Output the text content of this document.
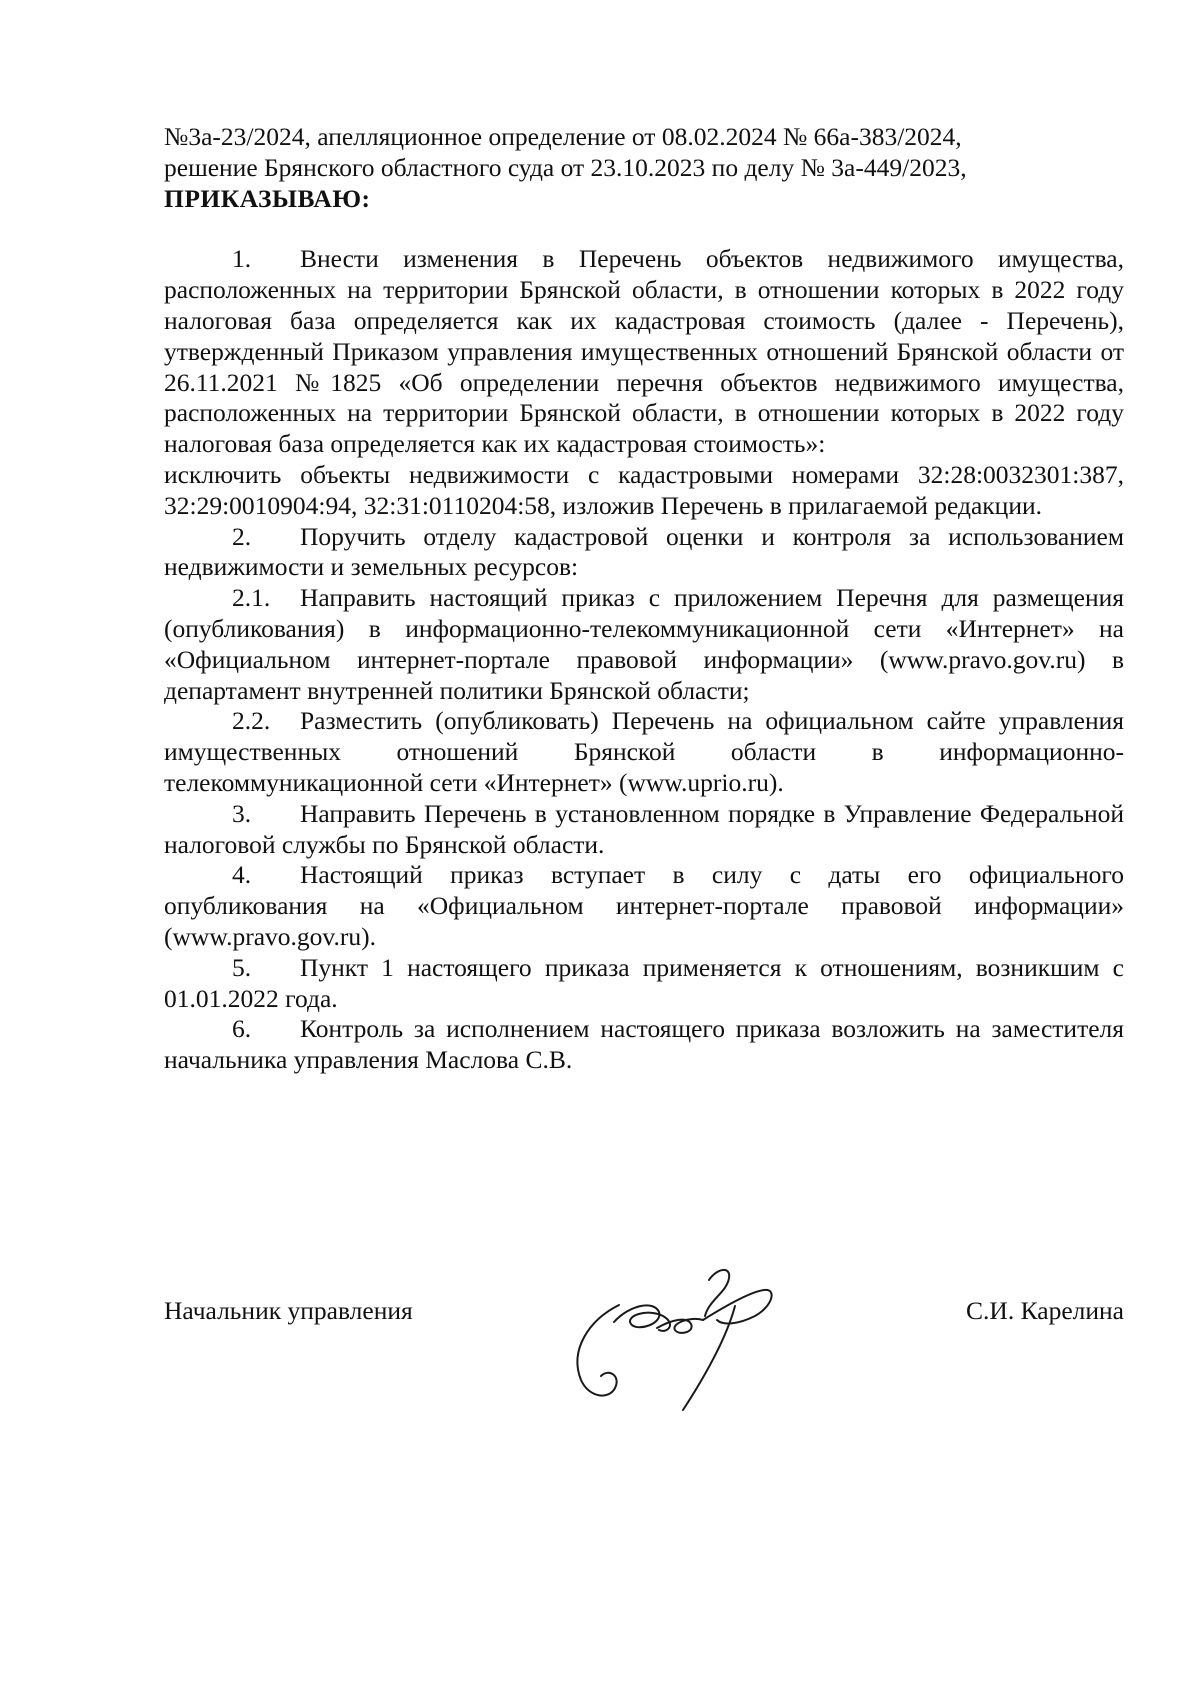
№3а-23/2024, апелляционное определение от 08.02.2024 № 66а-383/2024,

решение Брянского областного суда от 23.10.2023 по делу № 3а-449/2023,

ПРИКАЗЫВАЮ:

1. Внести изменения в Перечень объектов недвижимого имущества, расположенных на территории Брянской области, в отношении которых в 2022 году налоговая база определяется как их кадастровая стоимость (далее - Перечень), утвержденный Приказом управления имущественных отношений Брянской области от 26.11.2021 №1825 «Об определении перечня объектов недвижимого имущества, расположенных на территории Брянской области, в отношении которых в 2022 году налоговая база определяется как их кадастровая стоимость»:

исключить объекты недвижимости с кадастровыми номерами 32:28:0032301:387, 32:29:0010904:94, 32:31:0110204:58, изложив Перечень в прилагаемой редакции.

2. Поручить отделу кадастровой оценки и контроля за использованием недвижимости и земельных ресурсов:

2.1. Направить настоящий приказ с приложением Перечня для размещения (опубликования) в информационно-телекоммуникационной сети «Интернет» на «Официальном интернет-портале правовой информации» (www.pravo.gov.ru) в департамент внутренней политики Брянской области;

2.2. Разместить (опубликовать) Перечень на официальном сайте управления имущественных отношений Брянской области в информационно-телекоммуникационной сети «Интернет» (www.uprio.ru).

3. Направить Перечень в установленном порядке в Управление Федеральной налоговой службы по Брянской области.

4. Настоящий приказ вступает в силу с даты его официального опубликования на «Официальном интернет-портале правовой информации» (www.pravo.gov.ru).

5. Пункт 1 настоящего приказа применяется к отношениям, возникшим с 01.01.2022 года.

6. Контроль за исполнением настоящего приказа возложить на заместителя начальника управления Маслова С.В.

Начальник управления	С.И. Карелина
